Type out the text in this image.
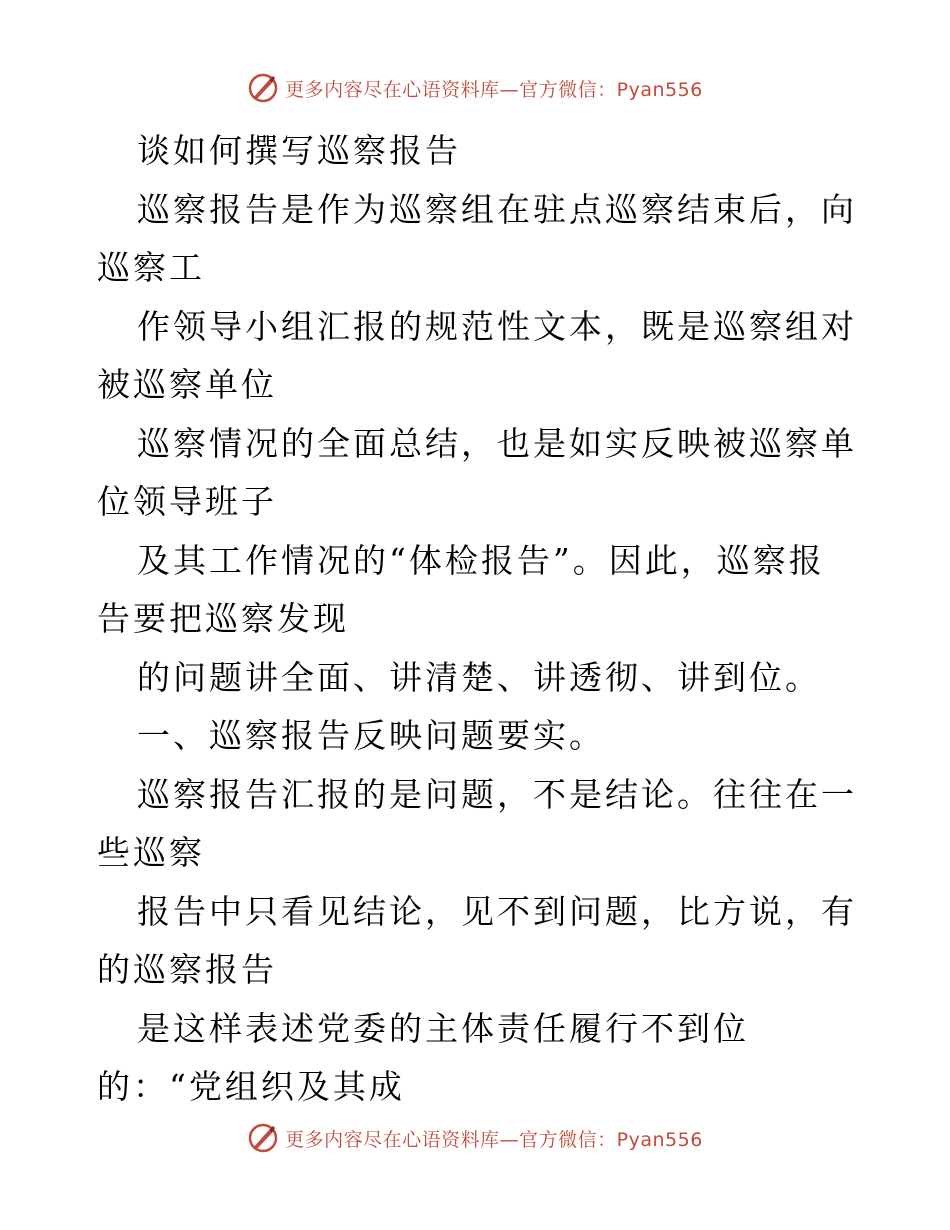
更多内容尽在心语资料库—官方微信：Pyan556

谈如何撰写巡察报告

巡察报告是作为巡察组在驻点巡察结束后，向巡察工

作领导小组汇报的规范性文本，既是巡察组对被巡察单位

巡察情况的全面总结，也是如实反映被巡察单位领导班子

及其工作情况的“体检报告”。因此，巡察报告要把巡察发现

的问题讲全面、讲清楚、讲透彻、讲到位。

一、巡察报告反映问题要实。

巡察报告汇报的是问题，不是结论。往往在一些巡察

报告中只看见结论，见不到问题，比方说，有的巡察报告

是这样表述党委的主体责任履行不到位的：“党组织及其成

更多内容尽在心语资料库—官方微信：Pyan556
